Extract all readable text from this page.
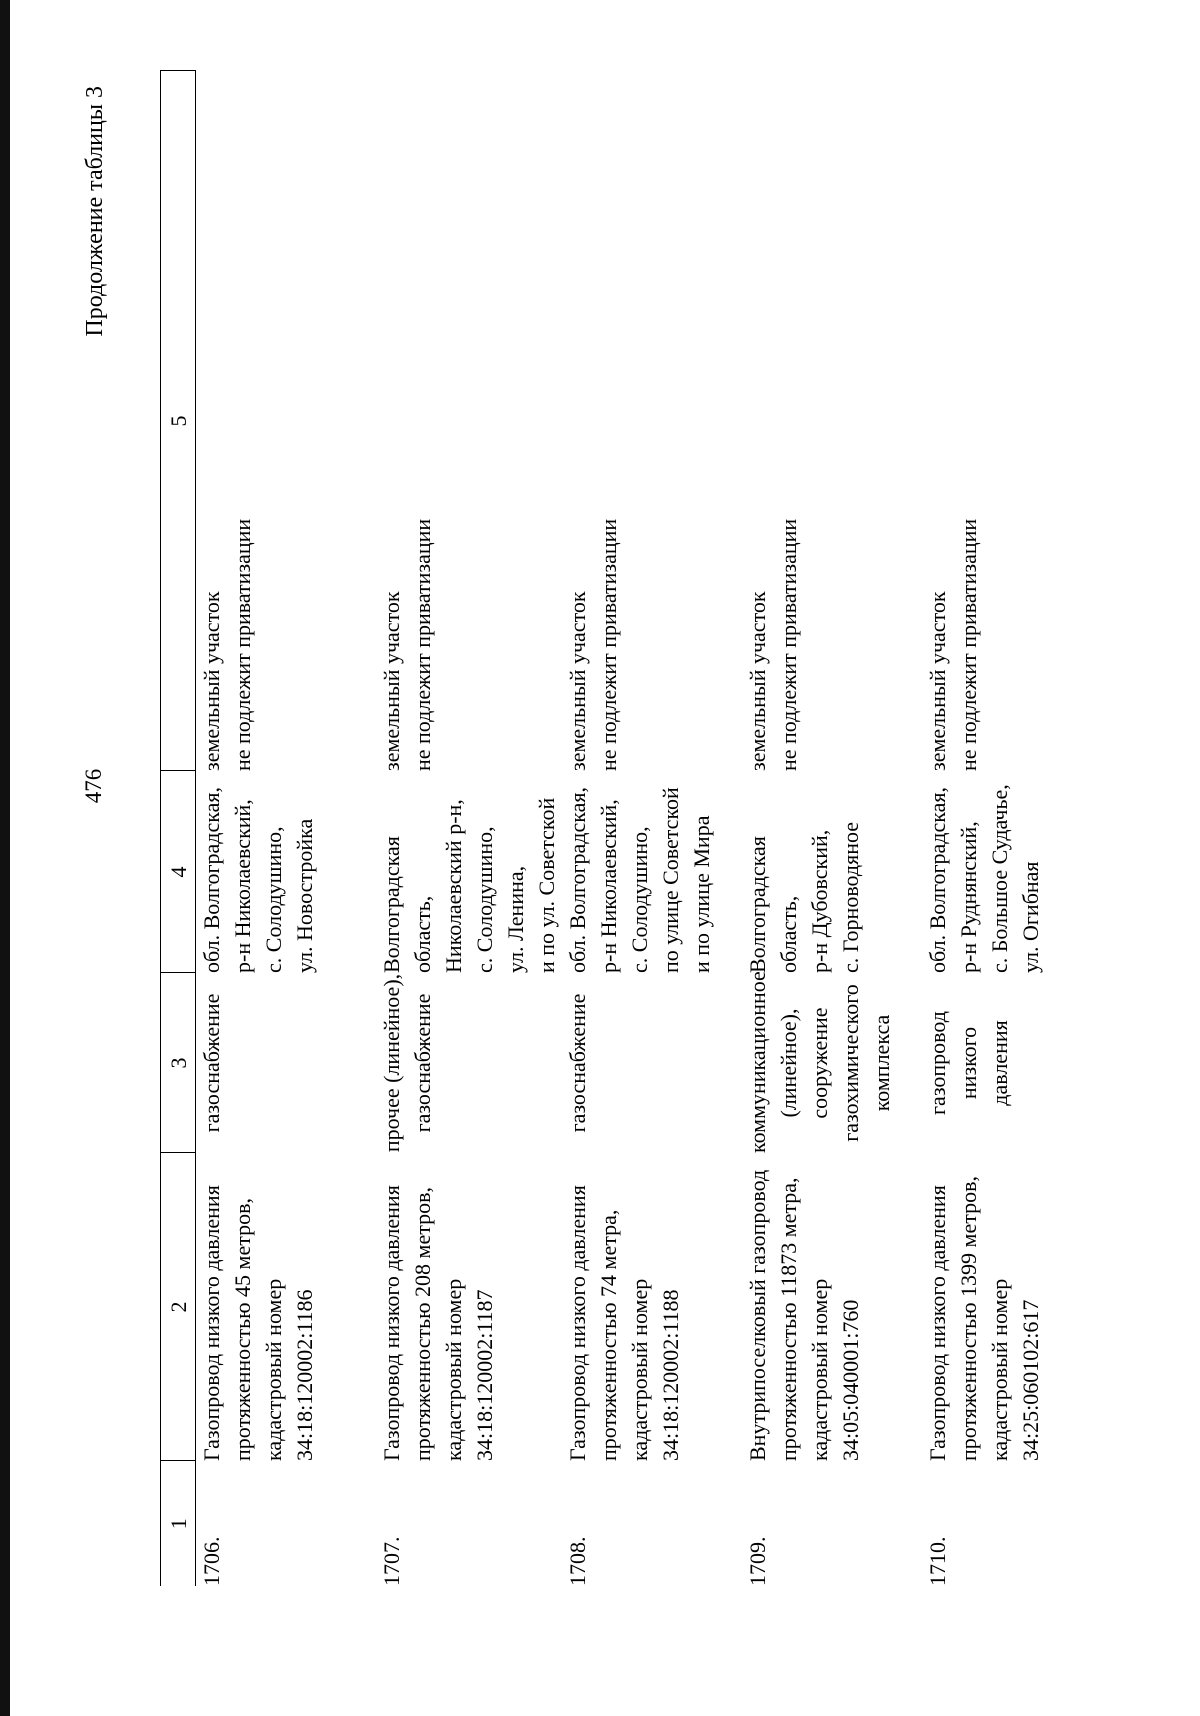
476
Продолжение таблицы 3
1	2	3	4	5
1706.	Газопровод низкого давления
протяженностью 45 метров,
кадастровый номер
34:18:120002:1186	газоснабжение	обл. Волгоградская,
р-н Николаевский,
с. Солодушино,
ул. Новостройка	земельный участок
не подлежит приватизации
1707.	Газопровод низкого давления
протяженностью 208 метров,
кадастровый номер
34:18:120002:1187	прочее (линейное),
газоснабжение	Волгоградская область,
Николаевский р-н,
с. Солодушино,
ул. Ленина,
и по ул. Советской	земельный участок
не подлежит приватизации
1708.	Газопровод низкого давления
протяженностью 74 метра,
кадастровый номер
34:18:120002:1188	газоснабжение	обл. Волгоградская,
р-н Николаевский,
с. Солодушино,
по улице Советской
и по улице Мира	земельный участок
не подлежит приватизации
1709.	Внутрипоселковый газопровод
протяженностью 11873 метра,
кадастровый номер
34:05:040001:760	коммуникационное
(линейное),
сооружение
газохимического
комплекса	Волгоградская область,
р-н Дубовский,
с. Горноводяное	земельный участок
не подлежит приватизации
1710.	Газопровод низкого давления
протяженностью 1399 метров,
кадастровый номер
34:25:060102:617	газопровод низкого
давления	обл. Волгоградская,
р-н Руднянский,
с. Большое Судачье,
ул. Огибная	земельный участок
не подлежит приватизации
